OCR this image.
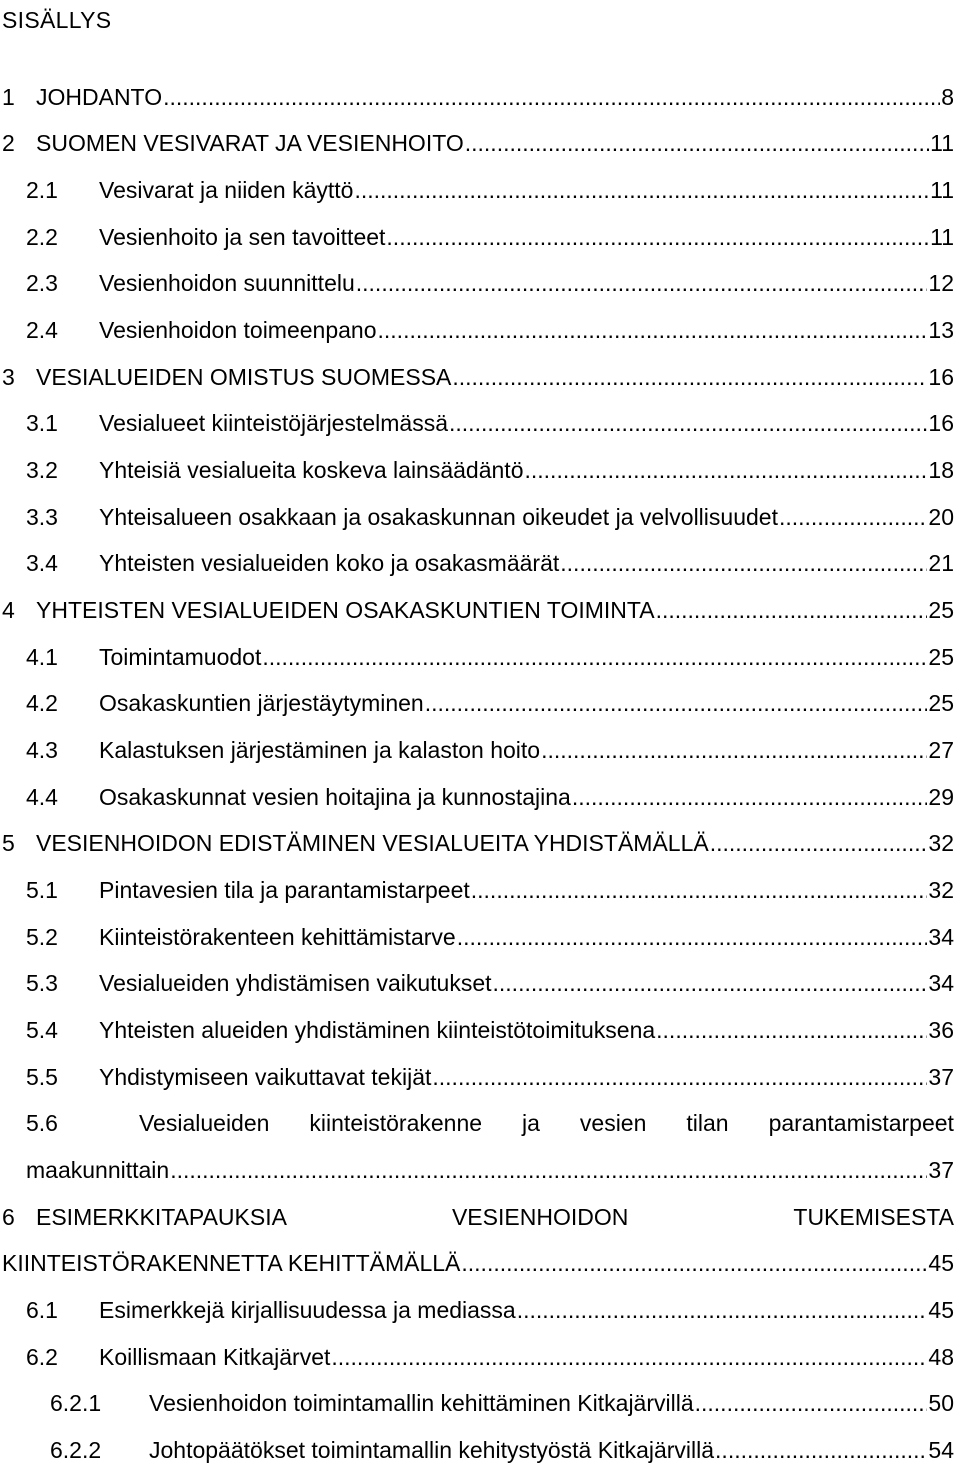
SISÄLLYS
1 JOHDANTO .....	8
2 SUOMEN VESIVARAT JA VESIENHOITO .....	11
2.1	Vesivarat ja niiden käyttö .....	11
2.2	Vesienhoito ja sen tavoitteet .....	11
2.3	Vesienhoidon suunnittelu .....	12
2.4	Vesienhoidon toimeenpano .....	13
3 VESIALUEIDEN OMISTUS SUOMESSA .....	16
3.1	Vesialueet kiinteistöjärjestelmässä .....	16
3.2	Yhteisiä vesialueita koskeva lainsäädäntö .....	18
3.3	Yhteisalueen osakkaan ja osakaskunnan oikeudet ja velvollisuudet .....	20
3.4	Yhteisten vesialueiden koko ja osakasmäärät .....	21
4 YHTEISTEN VESIALUEIDEN OSAKASKUNTIEN TOIMINTA .....	25
4.1	Toimintamuodot .....	25
4.2	Osakaskuntien järjestäytyminen .....	25
4.3	Kalastuksen järjestäminen ja kalaston hoito .....	27
4.4	Osakaskunnat vesien hoitajina ja kunnostajina .....	29
5 VESIENHOIDON EDISTÄMINEN VESIALUEITA YHDISTÄMÄLLÄ .....	32
5.1	Pintavesien tila ja parantamistarpeet .....	32
5.2	Kiinteistörakenteen kehittämistarve .....	34
5.3	Vesialueiden yhdistämisen vaikutukset .....	34
5.4	Yhteisten alueiden yhdistäminen kiinteistötoimituksena .....	36
5.5	Yhdistymiseen vaikuttavat tekijät .....	37
5.6	Vesialueiden kiinteistörakenne ja vesien tilan parantamistarpeet
maakunnittain .....	37
6 ESIMERKKITAPAUKSIA	VESIENHOIDON	TUKEMISESTA
KIINTEISTÖRAKENNETTA KEHITTÄMÄLLÄ .....	45
6.1	Esimerkkejä kirjallisuudessa ja mediassa .....	45
6.2	Koillismaan Kitkajärvet .....	48
6.2.1	Vesienhoidon toimintamallin kehittäminen Kitkajärvillä .....	50
6.2.2	Johtopäätökset toimintamallin kehitystyöstä Kitkajärvillä .....	54
